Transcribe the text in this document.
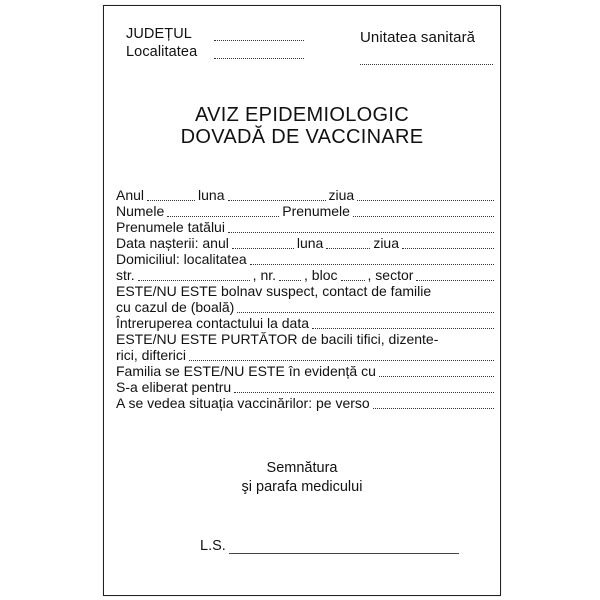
JUDEȚUL
Localitatea
Unitatea sanitară
AVIZ EPIDEMIOLOGIC
DOVADĂ DE VACCINARE
Anul	luna	ziua
Numele	Prenumele
Prenumele tatălui
Data nașterii: anul	luna	ziua
Domiciliul: localitatea
str.	, nr. , bloc , sector
ESTE/NU ESTE bolnav suspect, contact de familie
cu cazul de (boală)
Întreruperea contactului la data
ESTE/NU ESTE PURTĂTOR de bacili tifici, dizente-
rici, difterici
Familia se ESTE/NU ESTE în evidență cu
S-a eliberat pentru
A se vedea situația vaccinărilor: pe verso
Semnătura
şi parafa medicului
L.S.
